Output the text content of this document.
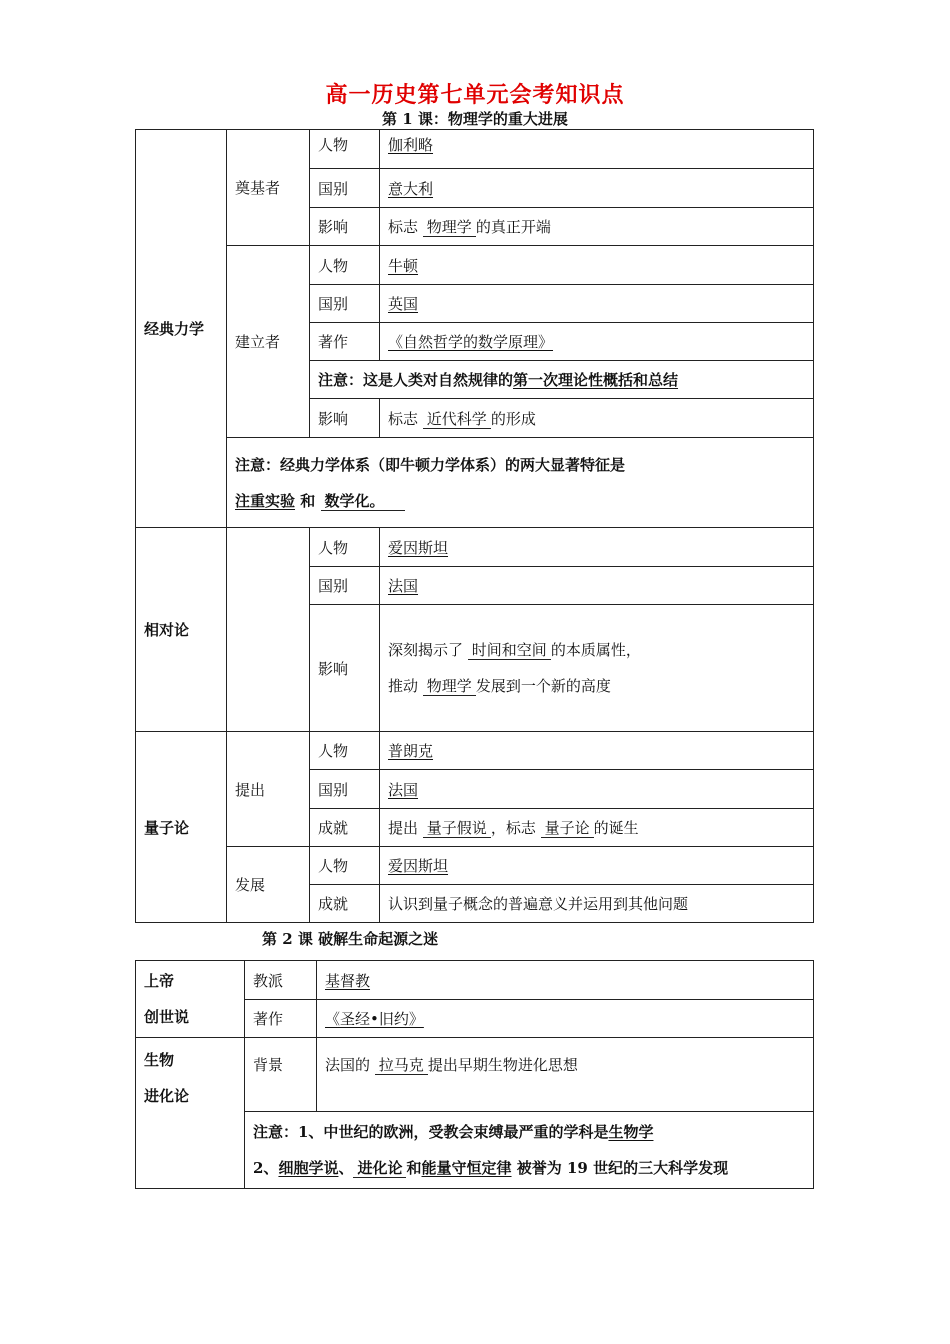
高一历史第七单元会考知识点
第 1 课：物理学的重大进展
经典力学	奠基者	人物	伽利略
		国别	意大利
		影响	标志 物理学 的真正开端
	建立者	人物	牛顿
		国别	英国
		著作	《自然哲学的数学原理》
		注意：这是人类对自然规律的第一次理论性概括和总结	
		影响	标志 近代科学 的形成

	注意：经典力学体系（即牛顿力学体系）的两大显著特征是
注重实验 和 数学化。		

相对论		人物	爱因斯坦
		国别	法国
		影响	深刻揭示了 时间和空间 的本质属性，
推动 物理学 发展到一个新的高度

量子论	提出	人物	普朗克
		国别	法国
		成就	提出 量子假说 ，标志 量子论 的诞生
	发展	人物	爱因斯坦
		成就	认识到量子概念的普遍意义并运用到其他问题
第 2 课 破解生命起源之迷
上帝
创世说	教派	基督教
	著作	《圣经•旧约》

生物
进化论	背景	法国的 拉马克 提出早期生物进化思想

	注意：1、中世纪的欧洲，受教会束缚最严重的学科是生物学
2、细胞学说、 进化论 和能量守恒定律 被誉为 19 世纪的三大科学发现	
